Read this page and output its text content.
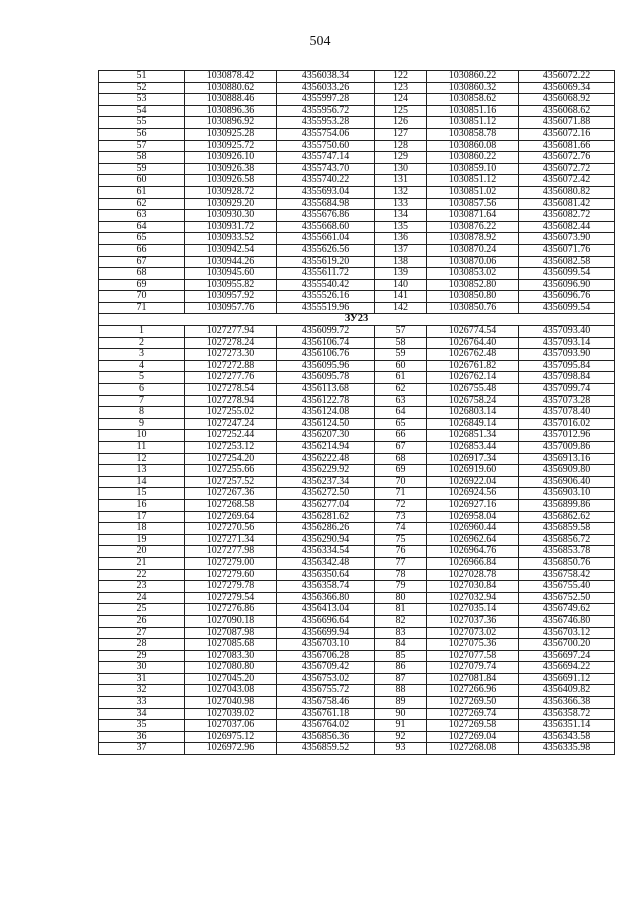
504
51	1030878.42	4356038.34	122	1030860.22	4356072.22
52	1030880.62	4356033.26	123	1030860.32	4356069.34
53	1030888.46	4355997.28	124	1030858.62	4356068.92
54	1030896.36	4355956.72	125	1030851.16	4356068.62
55	1030896.92	4355953.28	126	1030851.12	4356071.88
56	1030925.28	4355754.06	127	1030858.78	4356072.16
57	1030925.72	4355750.60	128	1030860.08	4356081.66
58	1030926.10	4355747.14	129	1030860.22	4356072.76
59	1030926.38	4355743.70	130	1030859.10	4356072.72
60	1030926.58	4355740.22	131	1030851.12	4356072.42
61	1030928.72	4355693.04	132	1030851.02	4356080.82
62	1030929.20	4355684.98	133	1030857.56	4356081.42
63	1030930.30	4355676.86	134	1030871.64	4356082.72
64	1030931.72	4355668.60	135	1030876.22	4356082.44
65	1030933.52	4355661.04	136	1030878.92	4356073.90
66	1030942.54	4355626.56	137	1030870.24	4356071.76
67	1030944.26	4355619.20	138	1030870.06	4356082.58
68	1030945.60	4355611.72	139	1030853.02	4356099.54
69	1030955.82	4355540.42	140	1030852.80	4356096.90
70	1030957.92	4355526.16	141	1030850.80	4356096.76
71	1030957.76	4355519.96	142	1030850.76	4356099.54
ЗУ23					
1	1027277.94	4356099.72	57	1026774.54	4357093.40
2	1027278.24	4356106.74	58	1026764.40	4357093.14
3	1027273.30	4356106.76	59	1026762.48	4357093.90
4	1027272.88	4356095.96	60	1026761.82	4357095.84
5	1027277.76	4356095.78	61	1026762.14	4357098.84
6	1027278.54	4356113.68	62	1026755.48	4357099.74
7	1027278.94	4356122.78	63	1026758.24	4357073.28
8	1027255.02	4356124.08	64	1026803.14	4357078.40
9	1027247.24	4356124.50	65	1026849.14	4357016.02
10	1027252.44	4356207.30	66	1026851.34	4357012.96
11	1027253.12	4356214.94	67	1026853.44	4357009.86
12	1027254.20	4356222.48	68	1026917.34	4356913.16
13	1027255.66	4356229.92	69	1026919.60	4356909.80
14	1027257.52	4356237.34	70	1026922.04	4356906.40
15	1027267.36	4356272.50	71	1026924.56	4356903.10
16	1027268.58	4356277.04	72	1026927.16	4356899.86
17	1027269.64	4356281.62	73	1026958.04	4356862.62
18	1027270.56	4356286.26	74	1026960.44	4356859.58
19	1027271.34	4356290.94	75	1026962.64	4356856.72
20	1027277.98	4356334.54	76	1026964.76	4356853.78
21	1027279.00	4356342.48	77	1026966.84	4356850.76
22	1027279.60	4356350.64	78	1027028.78	4356758.42
23	1027279.78	4356358.74	79	1027030.84	4356755.40
24	1027279.54	4356366.80	80	1027032.94	4356752.50
25	1027276.86	4356413.04	81	1027035.14	4356749.62
26	1027090.18	4356696.64	82	1027037.36	4356746.80
27	1027087.98	4356699.94	83	1027073.02	4356703.12
28	1027085.68	4356703.10	84	1027075.36	4356700.20
29	1027083.30	4356706.28	85	1027077.58	4356697.24
30	1027080.80	4356709.42	86	1027079.74	4356694.22
31	1027045.20	4356753.02	87	1027081.84	4356691.12
32	1027043.08	4356755.72	88	1027266.96	4356409.82
33	1027040.98	4356758.46	89	1027269.50	4356366.38
34	1027039.02	4356761.18	90	1027269.74	4356358.72
35	1027037.06	4356764.02	91	1027269.58	4356351.14
36	1026975.12	4356856.36	92	1027269.04	4356343.58
37	1026972.96	4356859.52	93	1027268.08	4356335.98
